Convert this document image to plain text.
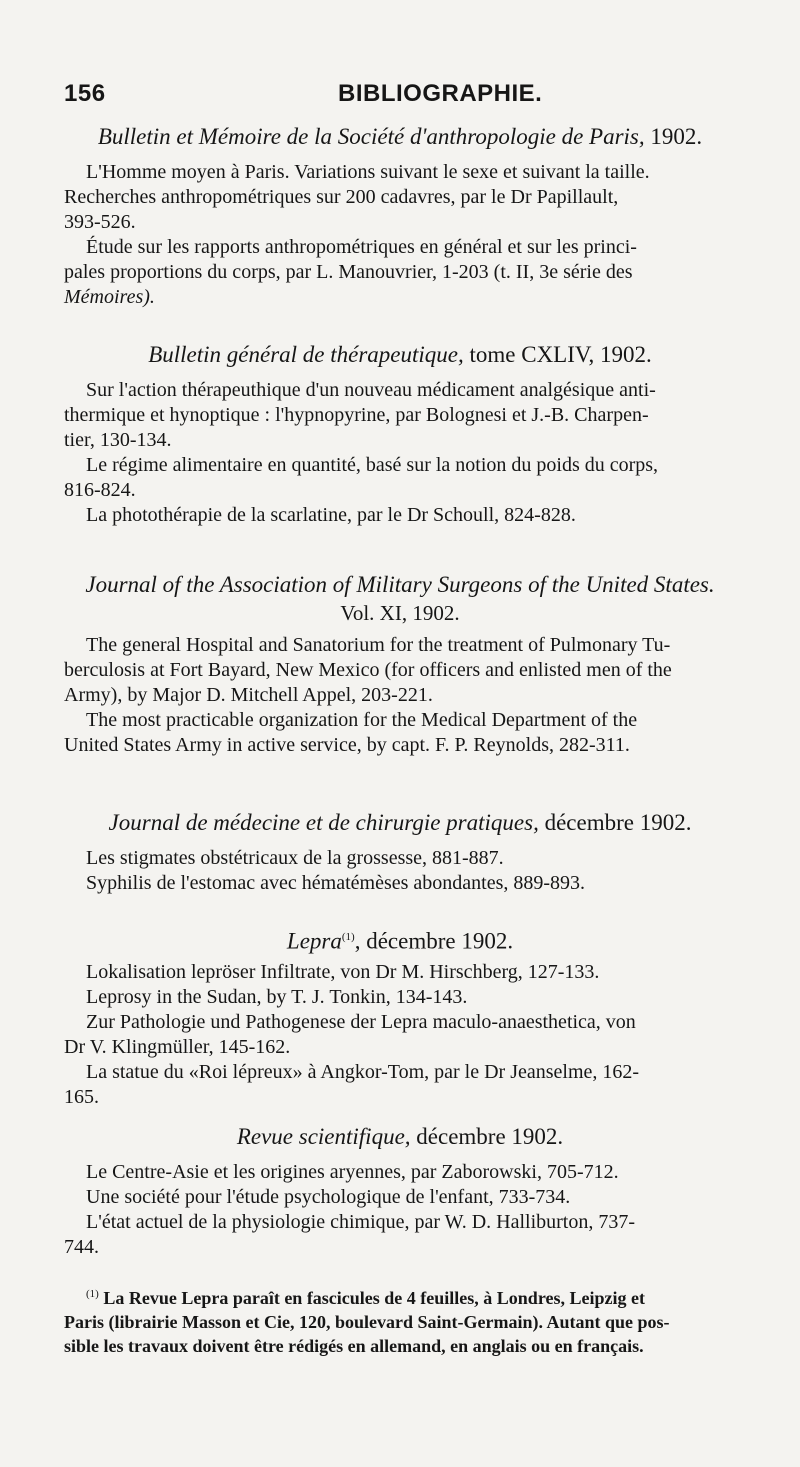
156	BIBLIOGRAPHIE.
Bulletin et Mémoire de la Société d'anthropologie de Paris, 1902.
L'Homme moyen à Paris. Variations suivant le sexe et suivant la taille.
Recherches anthropométriques sur 200 cadavres, par le Dr Papillault,
393-526.
Étude sur les rapports anthropométriques en général et sur les princi-
pales proportions du corps, par L. Manouvrier, 1-203 (t. II, 3e série des
Mémoires).
Bulletin général de thérapeutique, tome CXLIV, 1902.
Sur l'action thérapeuthique d'un nouveau médicament analgésique anti-
thermique et hynoptique : l'hypnopyrine, par Bolognesi et J.-B. Charpen-
tier, 130-134.
Le régime alimentaire en quantité, basé sur la notion du poids du corps,
816-824.
La photothérapie de la scarlatine, par le Dr Schoull, 824-828.
Journal of the Association of Military Surgeons of the United States.
Vol. XI, 1902.
The general Hospital and Sanatorium for the treatment of Pulmonary Tu-
berculosis at Fort Bayard, New Mexico (for officers and enlisted men of the
Army), by Major D. Mitchell Appel, 203-221.
The most practicable organization for the Medical Department of the
United States Army in active service, by capt. F. P. Reynolds, 282-311.
Journal de médecine et de chirurgie pratiques, décembre 1902.
Les stigmates obstétricaux de la grossesse, 881-887.
Syphilis de l'estomac avec hématémèses abondantes, 889-893.
Lepra$^{(1)}$, décembre 1902.
Lokalisation lepröser Infiltrate, von Dr M. Hirschberg, 127-133.
Leprosy in the Sudan, by T. J. Tonkin, 134-143.
Zur Pathologie und Pathogenese der Lepra maculo-anaesthetica, von
Dr V. Klingmüller, 145-162.
La statue du «Roi lépreux» à Angkor-Tom, par le Dr Jeanselme, 162-
165.
Revue scientifique, décembre 1902.
Le Centre-Asie et les origines aryennes, par Zaborowski, 705-712.
Une société pour l'étude psychologique de l'enfant, 733-734.
L'état actuel de la physiologie chimique, par W. D. Halliburton, 737-
744.
$^{(1)}$ La Revue Lepra paraît en fascicules de 4 feuilles, à Londres, Leipzig et
Paris (librairie Masson et Cie, 120, boulevard Saint-Germain). Autant que pos-
sible les travaux doivent être rédigés en allemand, en anglais ou en français.
